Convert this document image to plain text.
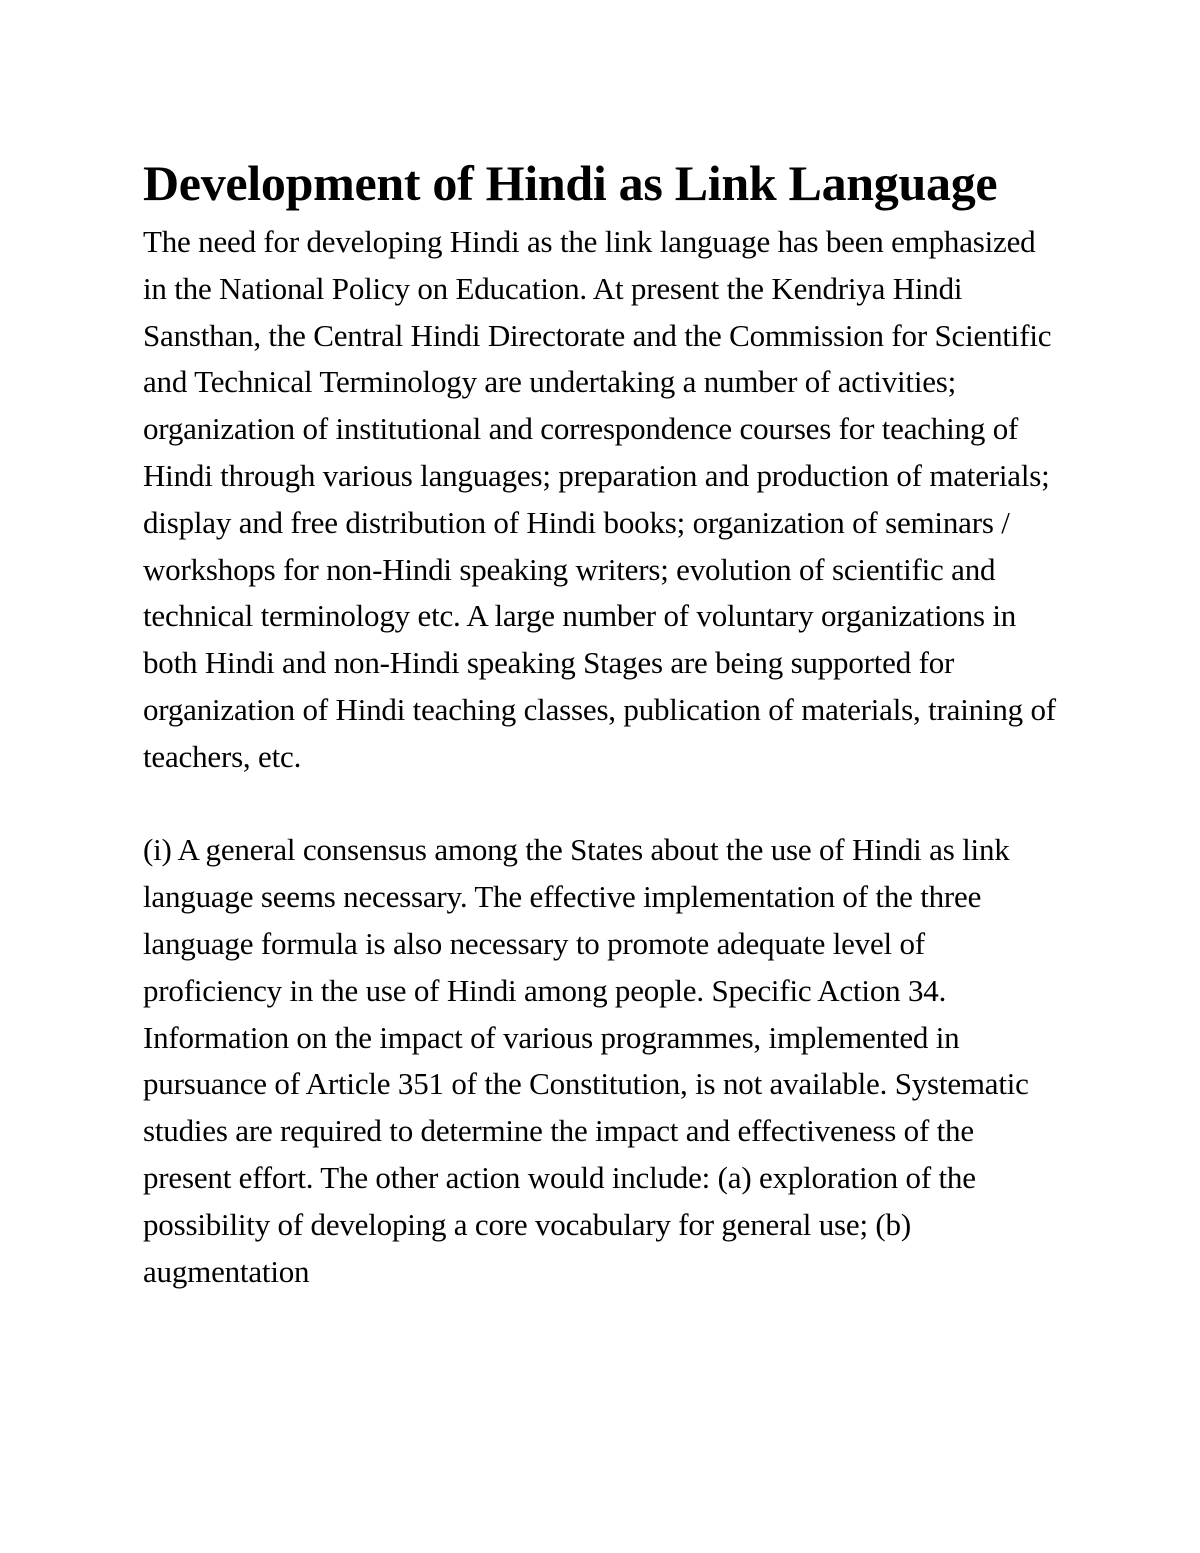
Development of Hindi as Link Language

The need for developing Hindi as the link language has been emphasized in the National Policy on Education. At present the Kendriya Hindi Sansthan, the Central Hindi Directorate and the Commission for Scientific and Technical Terminology are undertaking a number of activities; organization of institutional and correspondence courses for teaching of Hindi through various languages; preparation and production of materials; display and free distribution of Hindi books; organization of seminars / workshops for non-Hindi speaking writers; evolution of scientific and technical terminology etc. A large number of voluntary organizations in both Hindi and non-Hindi speaking Stages are being supported for organization of Hindi teaching classes, publication of materials, training of teachers, etc.

(i) A general consensus among the States about the use of Hindi as link language seems necessary. The effective implementation of the three language formula is also necessary to promote adequate level of proficiency in the use of Hindi among people. Specific Action 34. Information on the impact of various programmes, implemented in pursuance of Article 351 of the Constitution, is not available. Systematic studies are required to determine the impact and effectiveness of the present effort. The other action would include: (a) exploration of the possibility of developing a core vocabulary for general use; (b) augmentation
